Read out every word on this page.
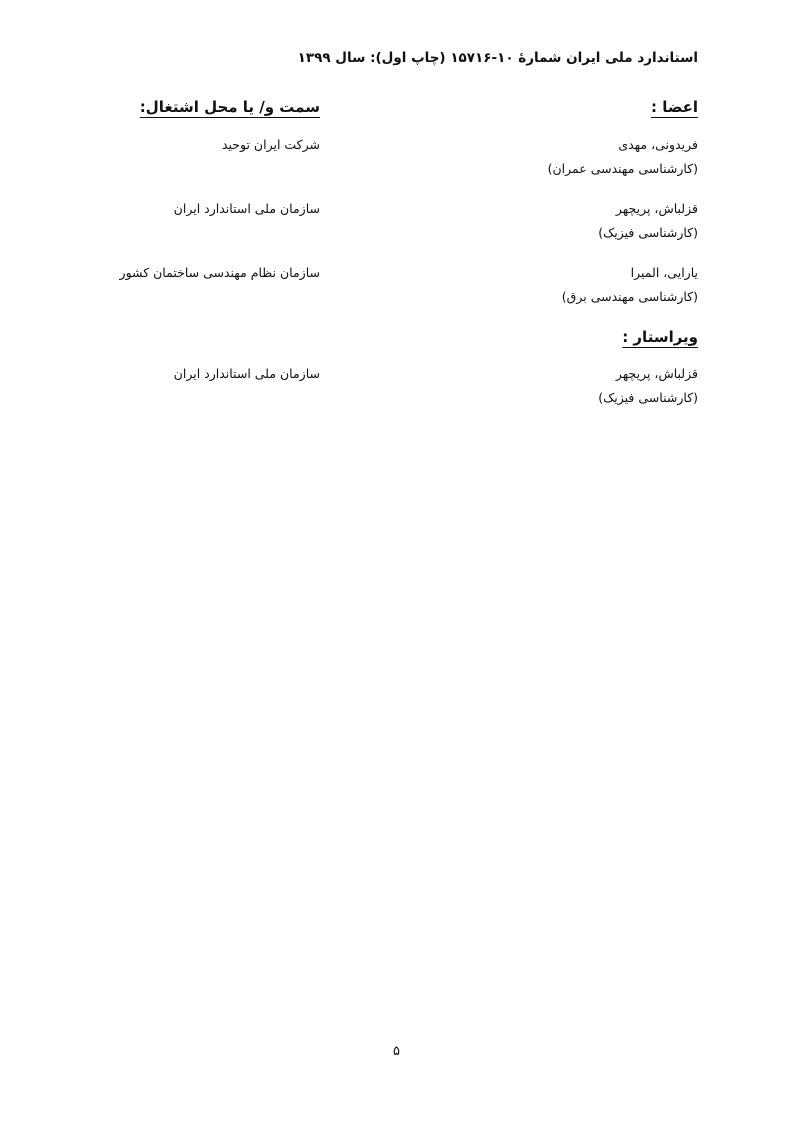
استاندارد ملی ایران شمارۀ ۱۰-۱۵۷۱۶ (چاپ اول): سال ۱۳۹۹
اعضا :
سمت و/ یا محل اشتغال:
فریدونی، مهدی
(کارشناسی مهندسی عمران)
شرکت ایران توحید
قزلباش، پریچهر
(کارشناسی فیزیک)
سازمان ملی استاندارد ایران
یارایی، المیرا
(کارشناسی مهندسی برق)
سازمان نظام مهندسی ساختمان کشور
ویراستار :
قزلباش، پریچهر
(کارشناسی فیزیک)
سازمان ملی استاندارد ایران
۵
